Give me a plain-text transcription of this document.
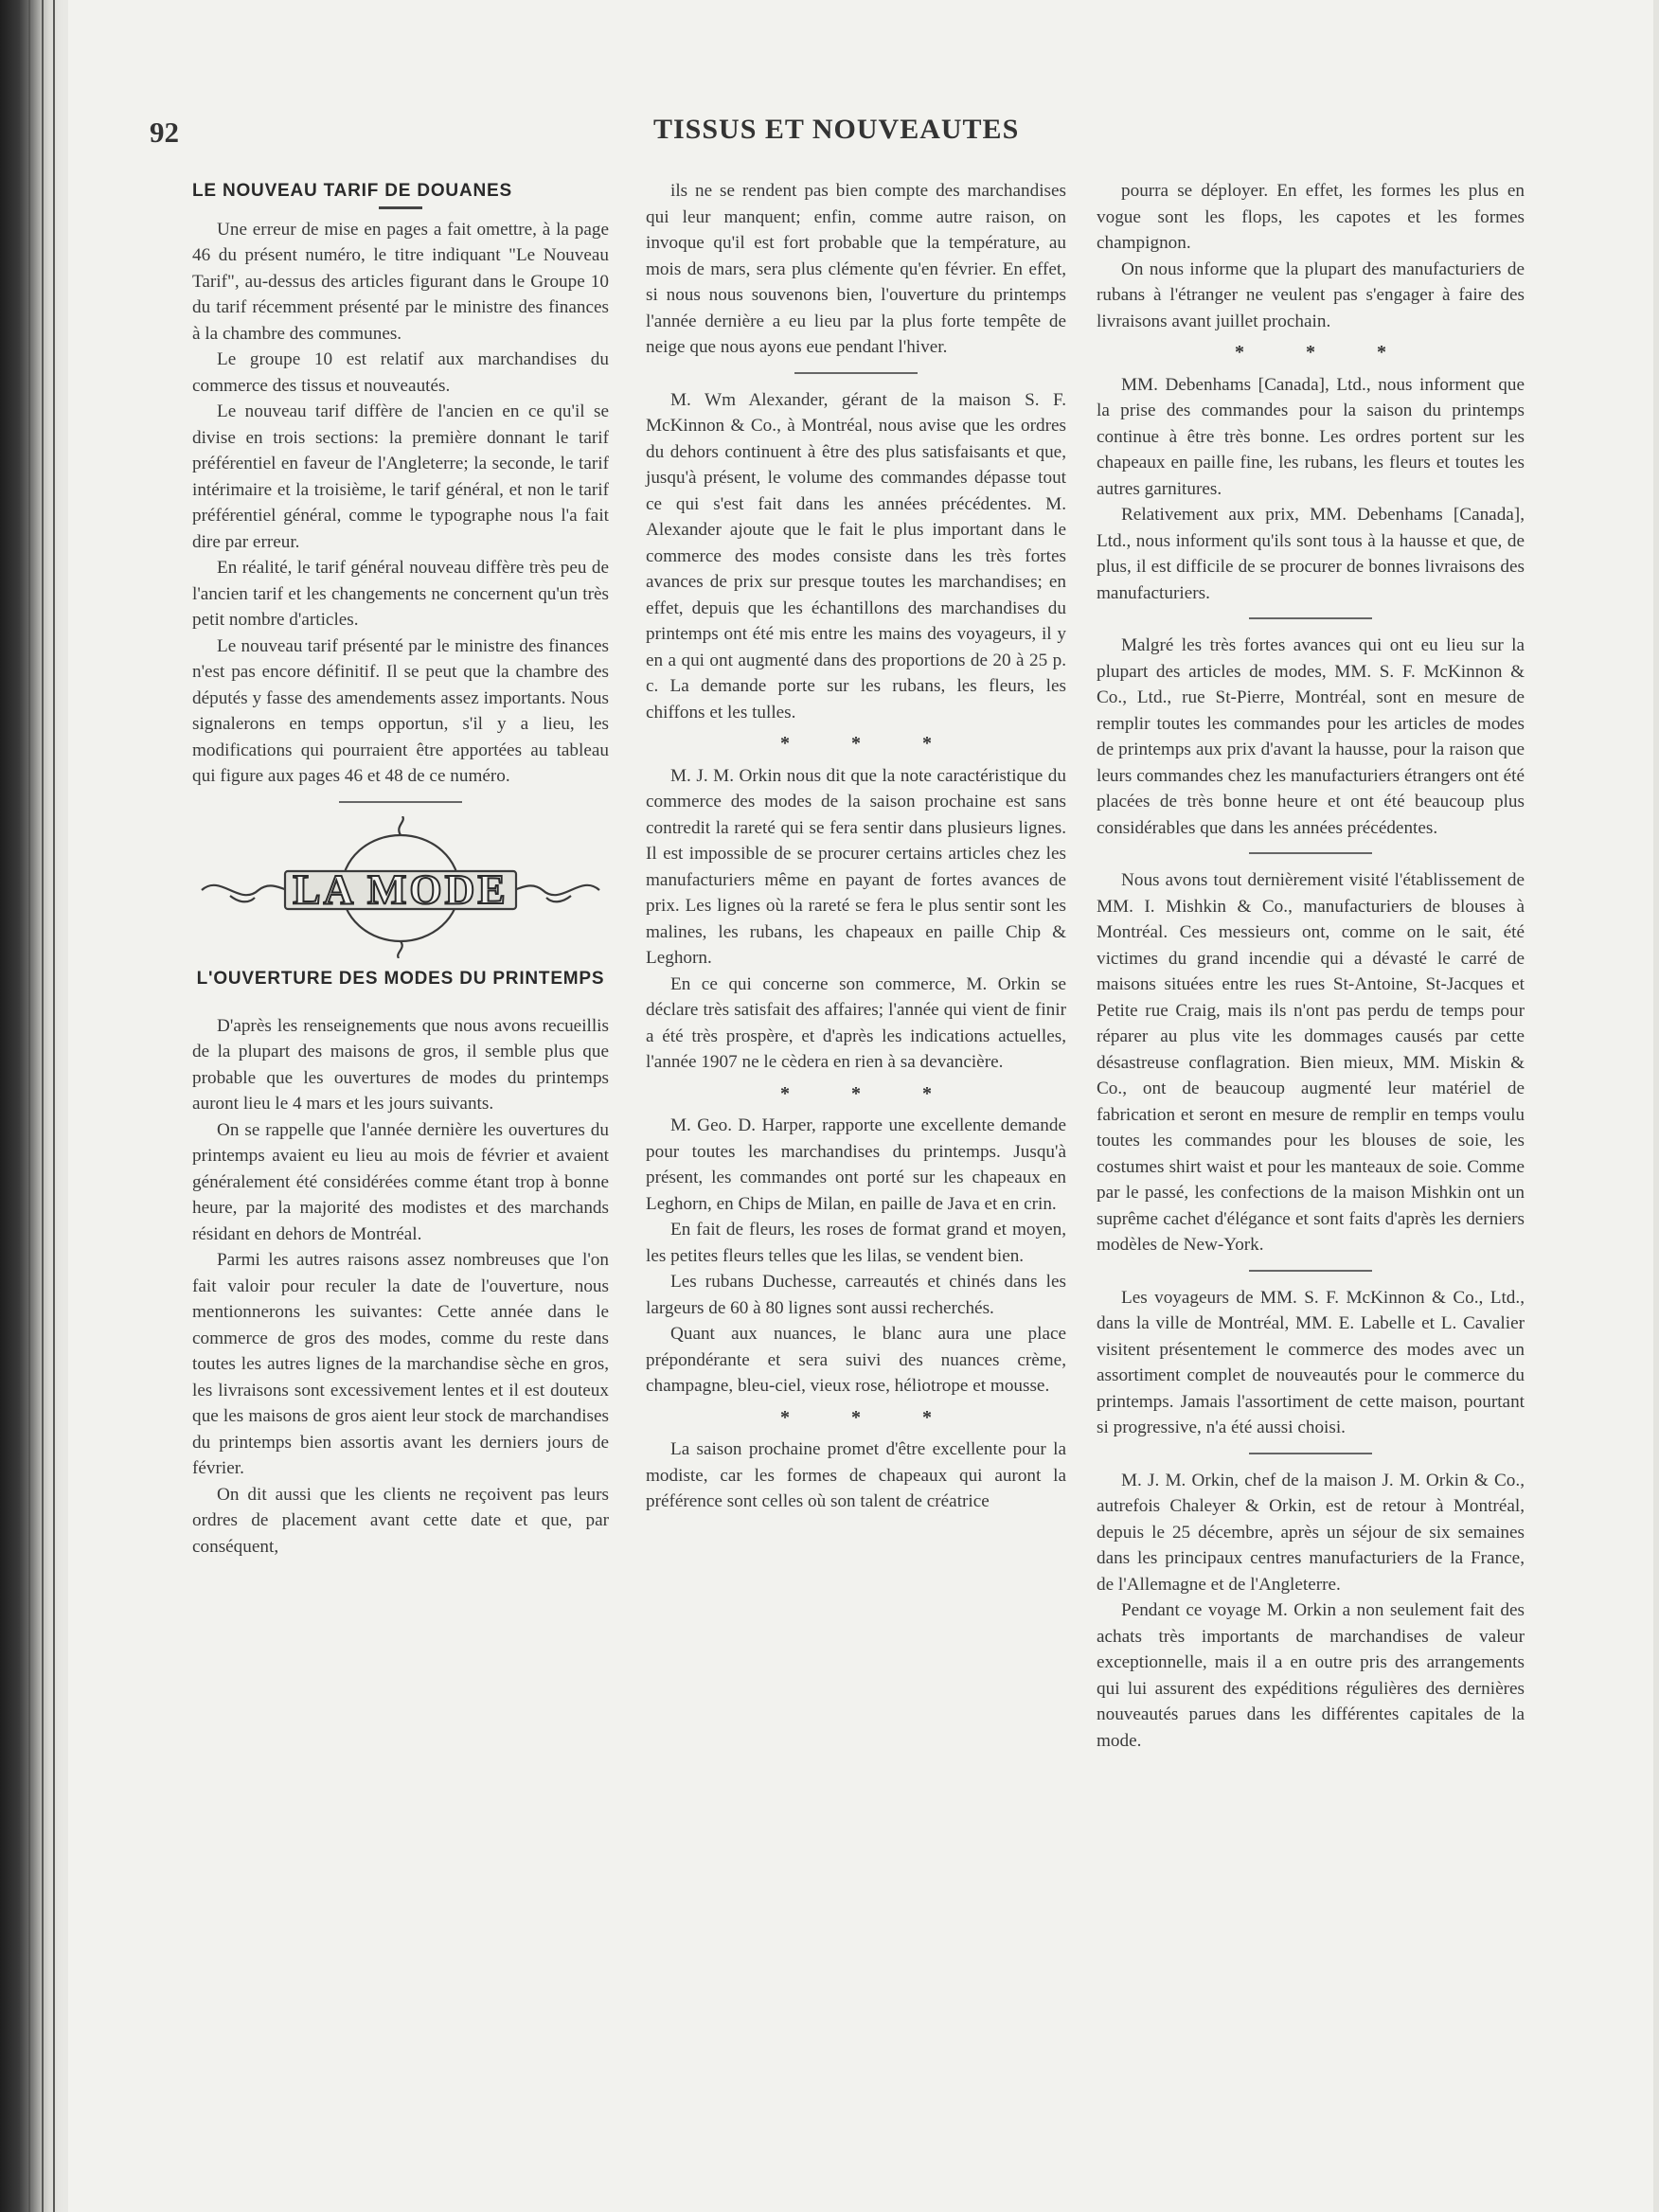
92	TISSUS ET NOUVEAUTES
LE NOUVEAU TARIF DE DOUANES

Une erreur de mise en pages a fait omettre, à la page 46 du présent numéro, le titre indiquant "Le Nouveau Tarif", au-dessus des articles figurant dans le Groupe 10 du tarif récemment présenté par le ministre des finances à la chambre des communes.

Le groupe 10 est relatif aux marchandises du commerce des tissus et nouveautés.

Le nouveau tarif diffère de l'ancien en ce qu'il se divise en trois sections: la première donnant le tarif préférentiel en faveur de l'Angleterre; la seconde, le tarif intérimaire et la troisième, le tarif général, et non le tarif préférentiel général, comme le typographe nous l'a fait dire par erreur.

En réalité, le tarif général nouveau diffère très peu de l'ancien tarif et les changements ne concernent qu'un très petit nombre d'articles.

Le nouveau tarif présenté par le ministre des finances n'est pas encore définitif. Il se peut que la chambre des députés y fasse des amendements assez importants. Nous signalerons en temps opportun, s'il y a lieu, les modifications qui pourraient être apportées au tableau qui figure aux pages 46 et 48 de ce numéro.

LA MODE
L'OUVERTURE DES MODES DU PRINTEMPS

D'après les renseignements que nous avons recueillis de la plupart des maisons de gros, il semble plus que probable que les ouvertures de modes du printemps auront lieu le 4 mars et les jours suivants.

On se rappelle que l'année dernière les ouvertures du printemps avaient eu lieu au mois de février et avaient généralement été considérées comme étant trop à bonne heure, par la majorité des modistes et des marchands résidant en dehors de Montréal.

Parmi les autres raisons assez nombreuses que l'on fait valoir pour reculer la date de l'ouverture, nous mentionnerons les suivantes: Cette année dans le commerce de gros des modes, comme du reste dans toutes les autres lignes de la marchandise sèche en gros, les livraisons sont excessivement lentes et il est douteux que les maisons de gros aient leur stock de marchandises du printemps bien assortis avant les derniers jours de février.

On dit aussi que les clients ne reçoivent pas leurs ordres de placement avant cette date et que, par conséquent,

ils ne se rendent pas bien compte des marchandises qui leur manquent; enfin, comme autre raison, on invoque qu'il est fort probable que la température, au mois de mars, sera plus clémente qu'en février. En effet, si nous nous souvenons bien, l'ouverture du printemps l'année dernière a eu lieu par la plus forte tempête de neige que nous ayons eue pendant l'hiver.

M. Wm Alexander, gérant de la maison S. F. McKinnon & Co., à Montréal, nous avise que les ordres du dehors continuent à être des plus satisfaisants et que, jusqu'à présent, le volume des commandes dépasse tout ce qui s'est fait dans les années précédentes. M. Alexander ajoute que le fait le plus important dans le commerce des modes consiste dans les très fortes avances de prix sur presque toutes les marchandises; en effet, depuis que les échantillons des marchandises du printemps ont été mis entre les mains des voyageurs, il y en a qui ont augmenté dans des proportions de 20 à 25 p. c. La demande porte sur les rubans, les fleurs, les chiffons et les tulles.

* * *

M. J. M. Orkin nous dit que la note caractéristique du commerce des modes de la saison prochaine est sans contredit la rareté qui se fera sentir dans plusieurs lignes. Il est impossible de se procurer certains articles chez les manufacturiers même en payant de fortes avances de prix. Les lignes où la rareté se fera le plus sentir sont les malines, les rubans, les chapeaux en paille Chip & Leghorn.

En ce qui concerne son commerce, M. Orkin se déclare très satisfait des affaires; l'année qui vient de finir a été très prospère, et d'après les indications actuelles, l'année 1907 ne le cèdera en rien à sa devancière.

* * *

M. Geo. D. Harper, rapporte une excellente demande pour toutes les marchandises du printemps. Jusqu'à présent, les commandes ont porté sur les chapeaux en Leghorn, en Chips de Milan, en paille de Java et en crin.

En fait de fleurs, les roses de format grand et moyen, les petites fleurs telles que les lilas, se vendent bien.

Les rubans Duchesse, carreautés et chinés dans les largeurs de 60 à 80 lignes sont aussi recherchés.

Quant aux nuances, le blanc aura une place prépondérante et sera suivi des nuances crème, champagne, bleu-ciel, vieux rose, héliotrope et mousse.

* * *

La saison prochaine promet d'être excellente pour la modiste, car les formes de chapeaux qui auront la préférence sont celles où son talent de créatrice

pourra se déployer. En effet, les formes les plus en vogue sont les flops, les capotes et les formes champignon.

On nous informe que la plupart des manufacturiers de rubans à l'étranger ne veulent pas s'engager à faire des livraisons avant juillet prochain.

* * *

MM. Debenhams [Canada], Ltd., nous informent que la prise des commandes pour la saison du printemps continue à être très bonne. Les ordres portent sur les chapeaux en paille fine, les rubans, les fleurs et toutes les autres garnitures.

Relativement aux prix, MM. Debenhams [Canada], Ltd., nous informent qu'ils sont tous à la hausse et que, de plus, il est difficile de se procurer de bonnes livraisons des manufacturiers.

Malgré les très fortes avances qui ont eu lieu sur la plupart des articles de modes, MM. S. F. McKinnon & Co., Ltd., rue St-Pierre, Montréal, sont en mesure de remplir toutes les commandes pour les articles de modes de printemps aux prix d'avant la hausse, pour la raison que leurs commandes chez les manufacturiers étrangers ont été placées de très bonne heure et ont été beaucoup plus considérables que dans les années précédentes.

Nous avons tout dernièrement visité l'établissement de MM. I. Mishkin & Co., manufacturiers de blouses à Montréal. Ces messieurs ont, comme on le sait, été victimes du grand incendie qui a dévasté le carré de maisons situées entre les rues St-Antoine, St-Jacques et Petite rue Craig, mais ils n'ont pas perdu de temps pour réparer au plus vite les dommages causés par cette désastreuse conflagration. Bien mieux, MM. Miskin & Co., ont de beaucoup augmenté leur matériel de fabrication et seront en mesure de remplir en temps voulu toutes les commandes pour les blouses de soie, les costumes shirt waist et pour les manteaux de soie. Comme par le passé, les confections de la maison Mishkin ont un suprême cachet d'élégance et sont faits d'après les derniers modèles de New-York.

Les voyageurs de MM. S. F. McKinnon & Co., Ltd., dans la ville de Montréal, MM. E. Labelle et L. Cavalier visitent présentement le commerce des modes avec un assortiment complet de nouveautés pour le commerce du printemps. Jamais l'assortiment de cette maison, pourtant si progressive, n'a été aussi choisi.

M. J. M. Orkin, chef de la maison J. M. Orkin & Co., autrefois Chaleyer & Orkin, est de retour à Montréal, depuis le 25 décembre, après un séjour de six semaines dans les principaux centres manufacturiers de la France, de l'Allemagne et de l'Angleterre.

Pendant ce voyage M. Orkin a non seulement fait des achats très importants de marchandises de valeur exceptionnelle, mais il a en outre pris des arrangements qui lui assurent des expéditions régulières des dernières nouveautés parues dans les différentes capitales de la mode.
